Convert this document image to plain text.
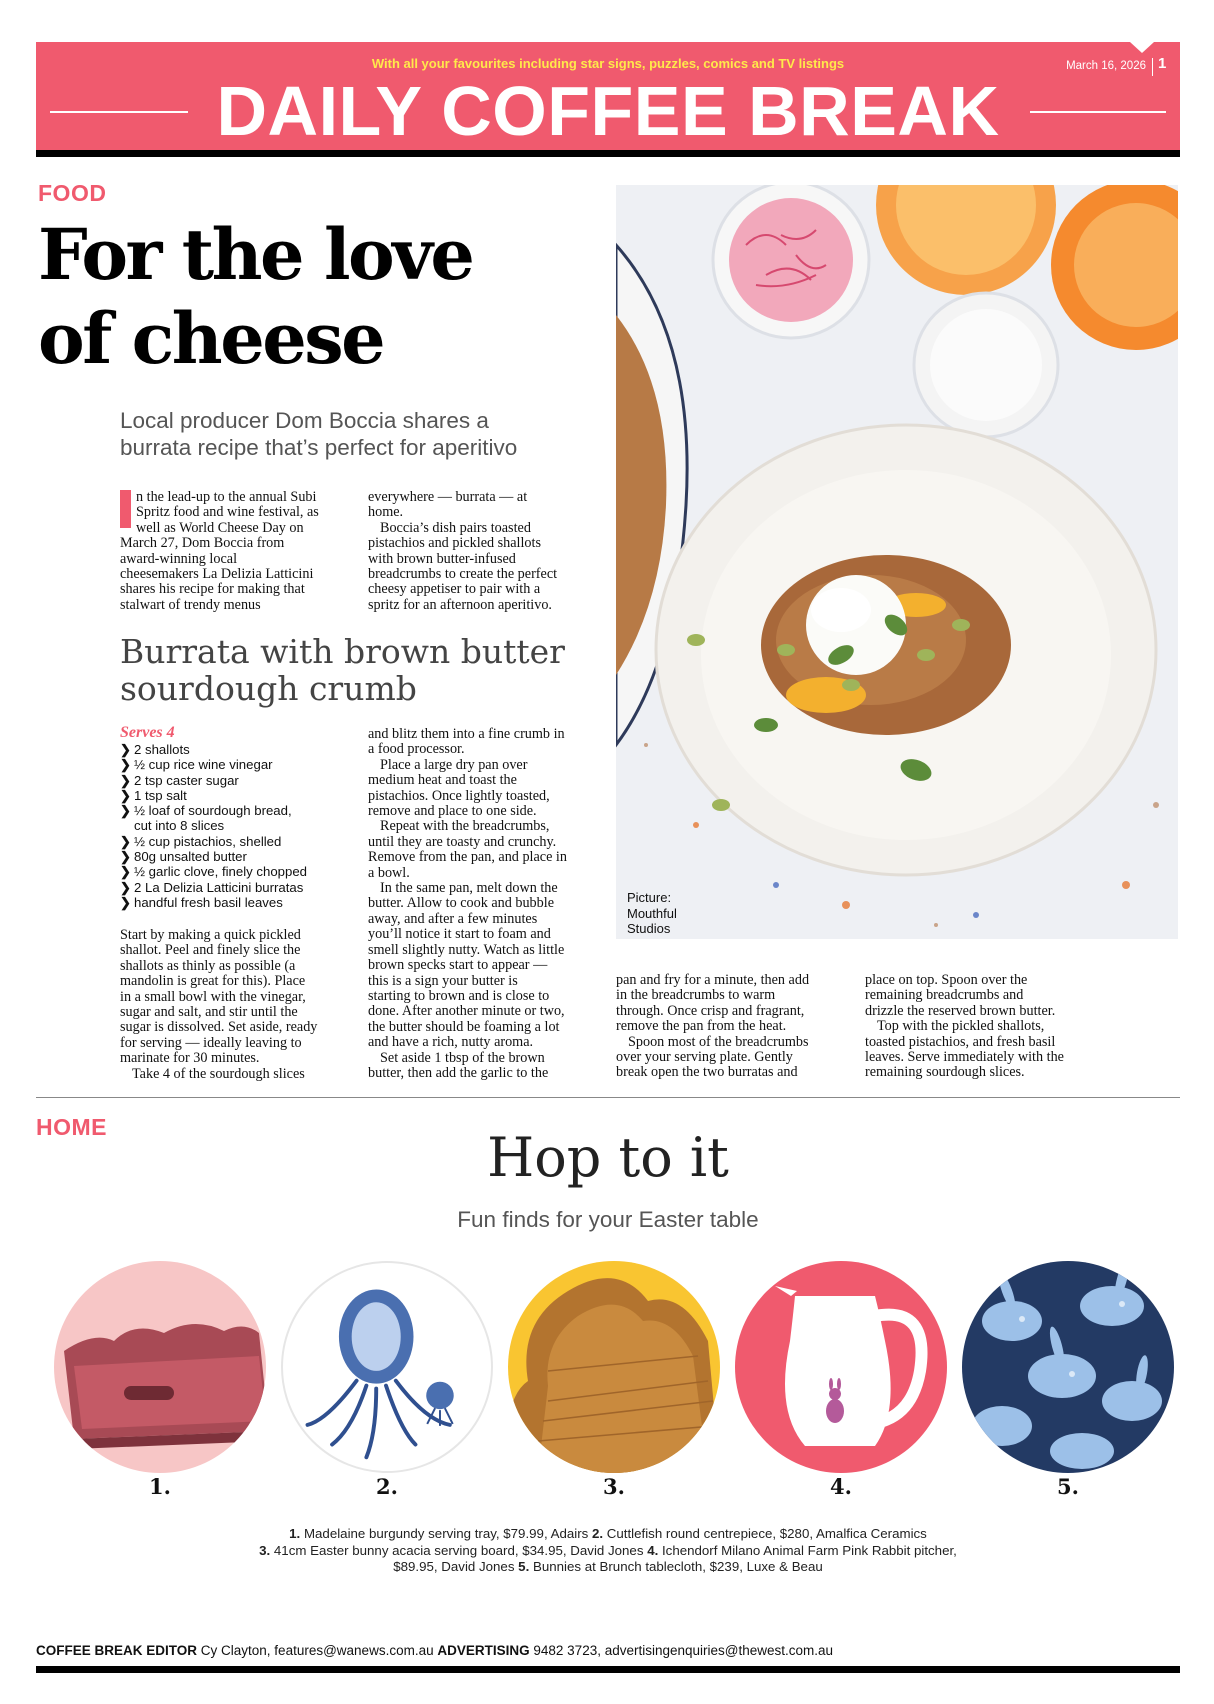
With all your favourites including star signs, puzzles, comics and TV listings
DAILY COFFEE BREAK
March 16, 2026 1
FOOD
For the love
of cheese
Local producer Dom Boccia shares a
burrata recipe that’s perfect for aperitivo

n the lead-up to the annual Subi

Spritz food and wine festival, as

well as World Cheese Day on

March 27, Dom Boccia from

award-winning local

cheesemakers La Delizia Latticini

shares his recipe for making that

stalwart of trendy menus

everywhere — burrata — at

home.

Boccia’s dish pairs toasted

pistachios and pickled shallots

with brown butter-infused

breadcrumbs to create the perfect

cheesy appetiser to pair with a

spritz for an afternoon aperitivo.

Burrata with brown butter
sourdough crumb
Serves 4
❯ 2 shallots
❯ ½ cup rice wine vinegar
❯ 2 tsp caster sugar
❯ 1 tsp salt
❯ ½ loaf of sourdough bread,
cut into 8 slices
❯ ½ cup pistachios, shelled
❯ 80g unsalted butter
❯ ½ garlic clove, finely chopped
❯ 2 La Delizia Latticini burratas
❯ handful fresh basil leaves

Start by making a quick pickled

shallot. Peel and finely slice the

shallots as thinly as possible (a

mandolin is great for this). Place

in a small bowl with the vinegar,

sugar and salt, and stir until the

sugar is dissolved. Set aside, ready

for serving — ideally leaving to

marinate for 30 minutes.

Take 4 of the sourdough slices

and blitz them into a fine crumb in

a food processor.

Place a large dry pan over

medium heat and toast the

pistachios. Once lightly toasted,

remove and place to one side.

Repeat with the breadcrumbs,

until they are toasty and crunchy.

Remove from the pan, and place in

a bowl.

In the same pan, melt down the

butter. Allow to cook and bubble

away, and after a few minutes

you’ll notice it start to foam and

smell slightly nutty. Watch as little

brown specks start to appear —

this is a sign your butter is

starting to brown and is close to

done. After another minute or two,

the butter should be foaming a lot

and have a rich, nutty aroma.

Set aside 1 tbsp of the brown

butter, then add the garlic to the

pan and fry for a minute, then add

in the breadcrumbs to warm

through. Once crisp and fragrant,

remove the pan from the heat.

Spoon most of the breadcrumbs

over your serving plate. Gently

break open the two burratas and

place on top. Spoon over the

remaining breadcrumbs and

drizzle the reserved brown butter.

Top with the pickled shallots,

toasted pistachios, and fresh basil

leaves. Serve immediately with the

remaining sourdough slices.

Picture:
Mouthful
Studios
HOME	Hop to it
Fun finds for your Easter table
1.	2.	3.	4.	5.
1. Madelaine burgundy serving tray, $79.99, Adairs 2. Cuttlefish round centrepiece, $280, Amalfica Ceramics
3. 41cm Easter bunny acacia serving board, $34.95, David Jones 4. Ichendorf Milano Animal Farm Pink Rabbit pitcher,
$89.95, David Jones 5. Bunnies at Brunch tablecloth, $239, Luxe & Beau
COFFEE BREAK EDITOR Cy Clayton, features@wanews.com.au ADVERTISING 9482 3723, advertisingenquiries@thewest.com.au
